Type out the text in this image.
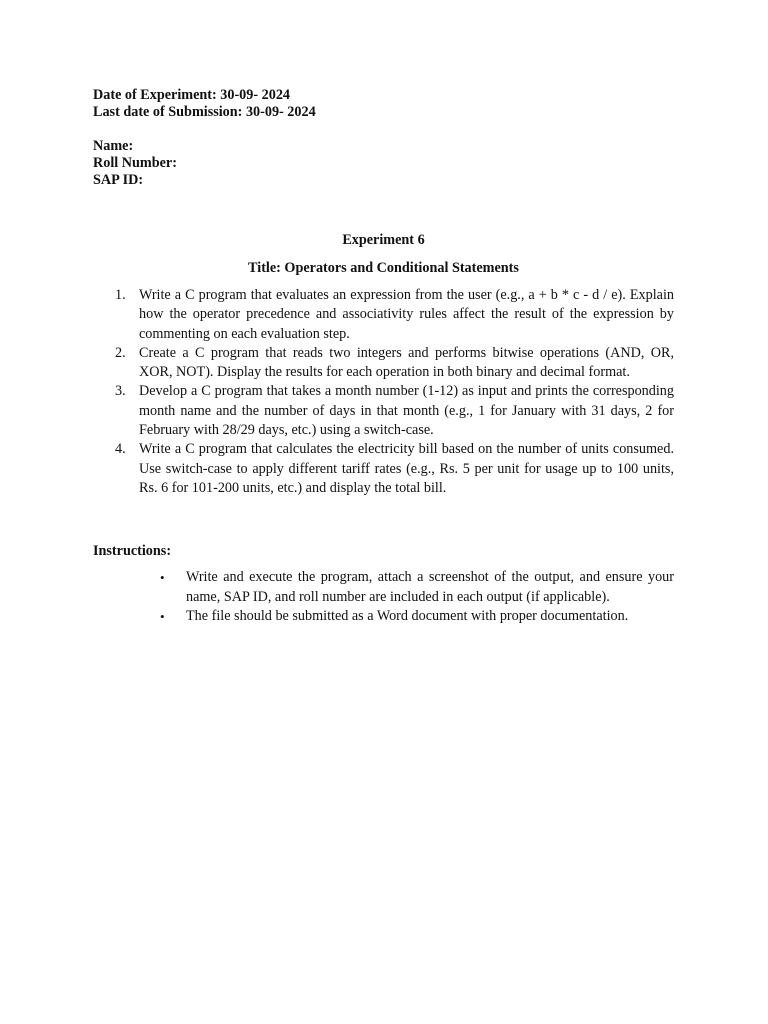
Date of Experiment: 30-09- 2024

Last date of Submission: 30-09- 2024

Name:

Roll Number:

SAP ID:

Experiment 6

Title: Operators and Conditional Statements

1. Write a C program that evaluates an expression from the user (e.g., a + b * c - d / e). Explain how the operator precedence and associativity rules affect the result of the expression by commenting on each evaluation step.
2. Create a C program that reads two integers and performs bitwise operations (AND, OR, XOR, NOT). Display the results for each operation in both binary and decimal format.
3. Develop a C program that takes a month number (1-12) as input and prints the corresponding month name and the number of days in that month (e.g., 1 for January with 31 days, 2 for February with 28/29 days, etc.) using a switch-case.
4. Write a C program that calculates the electricity bill based on the number of units consumed. Use switch-case to apply different tariff rates (e.g., Rs. 5 per unit for usage up to 100 units, Rs. 6 for 101-200 units, etc.) and display the total bill.

Instructions:

• Write and execute the program, attach a screenshot of the output, and ensure your name, SAP ID, and roll number are included in each output (if applicable).
• The file should be submitted as a Word document with proper documentation.
